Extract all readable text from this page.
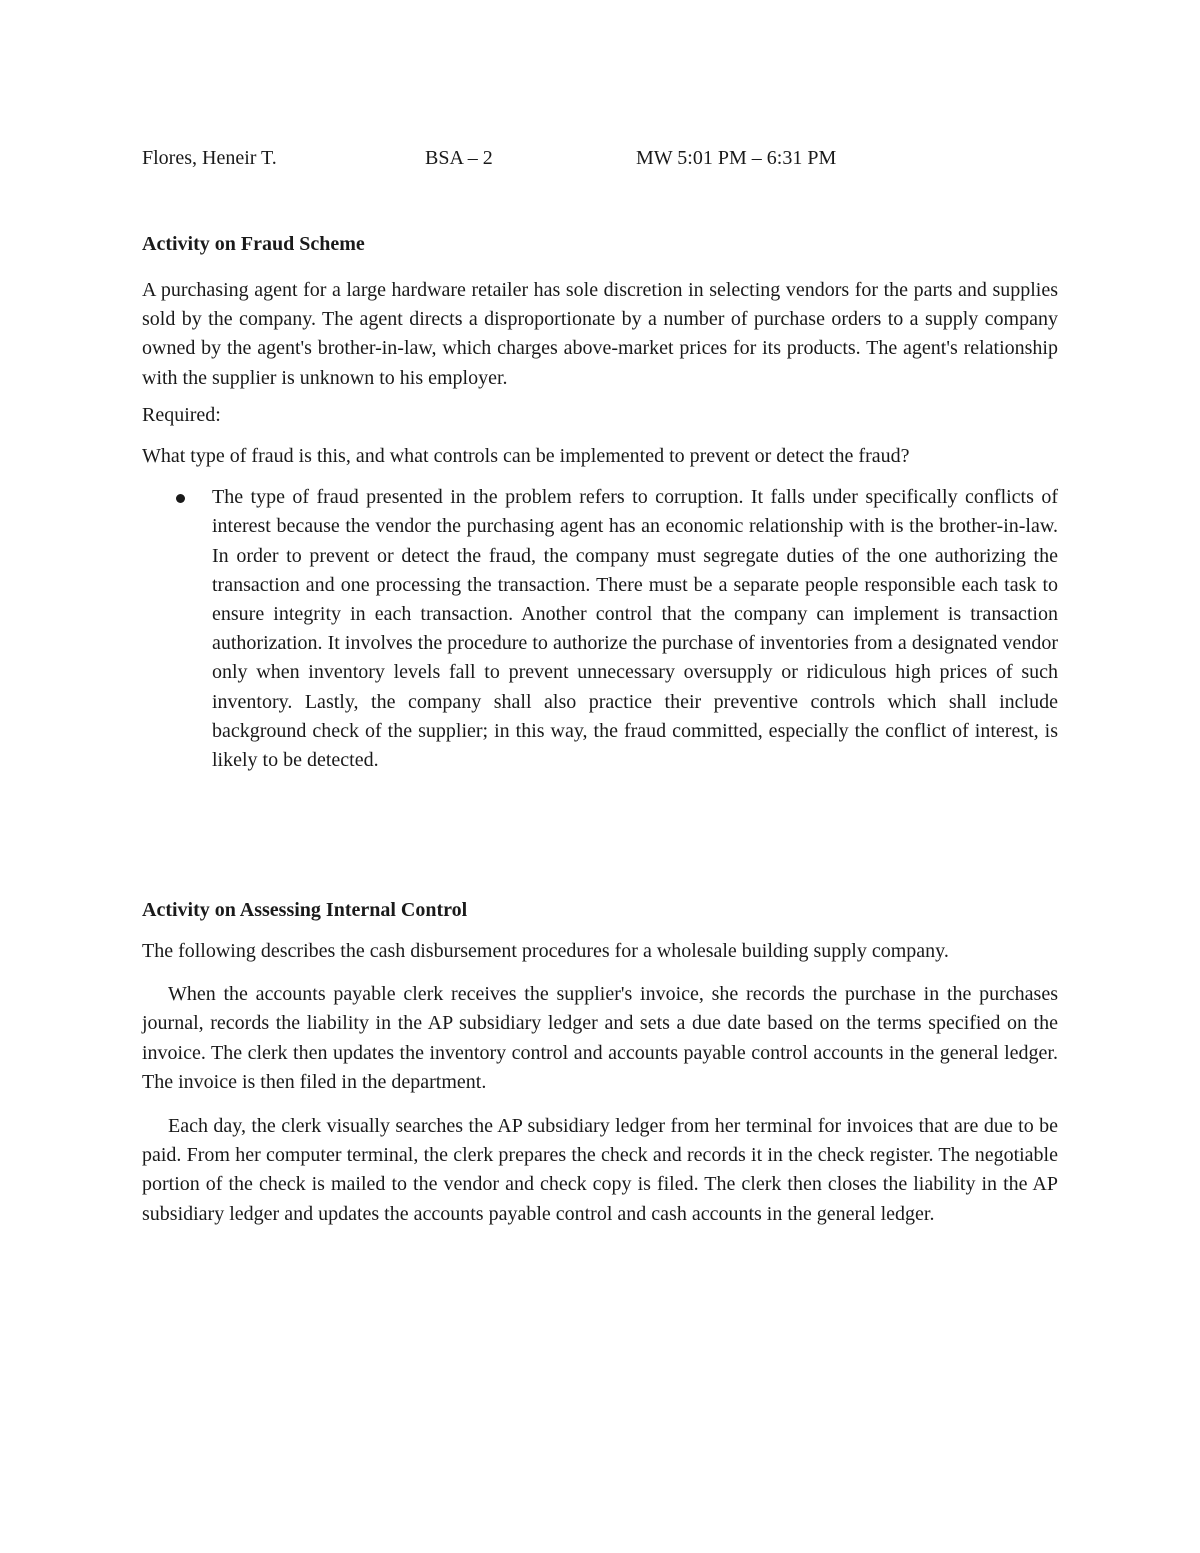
Flores, Heneir T.	BSA – 2	MW 5:01 PM – 6:31 PM

Activity on Fraud Scheme

A purchasing agent for a large hardware retailer has sole discretion in selecting vendors for the parts and supplies sold by the company. The agent directs a disproportionate by a number of purchase orders to a supply company owned by the agent's brother-in-law, which charges above-market prices for its products. The agent's relationship with the supplier is unknown to his employer.

Required:

What type of fraud is this, and what controls can be implemented to prevent or detect the fraud?

The type of fraud presented in the problem refers to corruption. It falls under specifically conflicts of interest because the vendor the purchasing agent has an economic relationship with is the brother-in-law. In order to prevent or detect the fraud, the company must segregate duties of the one authorizing the transaction and one processing the transaction. There must be a separate people responsible each task to ensure integrity in each transaction. Another control that the company can implement is transaction authorization. It involves the procedure to authorize the purchase of inventories from a designated vendor only when inventory levels fall to prevent unnecessary oversupply or ridiculous high prices of such inventory. Lastly, the company shall also practice their preventive controls which shall include background check of the supplier; in this way, the fraud committed, especially the conflict of interest, is likely to be detected.

Activity on Assessing Internal Control

The following describes the cash disbursement procedures for a wholesale building supply company.

When the accounts payable clerk receives the supplier's invoice, she records the purchase in the purchases journal, records the liability in the AP subsidiary ledger and sets a due date based on the terms specified on the invoice. The clerk then updates the inventory control and accounts payable control accounts in the general ledger. The invoice is then filed in the department.

Each day, the clerk visually searches the AP subsidiary ledger from her terminal for invoices that are due to be paid. From her computer terminal, the clerk prepares the check and records it in the check register. The negotiable portion of the check is mailed to the vendor and check copy is filed. The clerk then closes the liability in the AP subsidiary ledger and updates the accounts payable control and cash accounts in the general ledger.
